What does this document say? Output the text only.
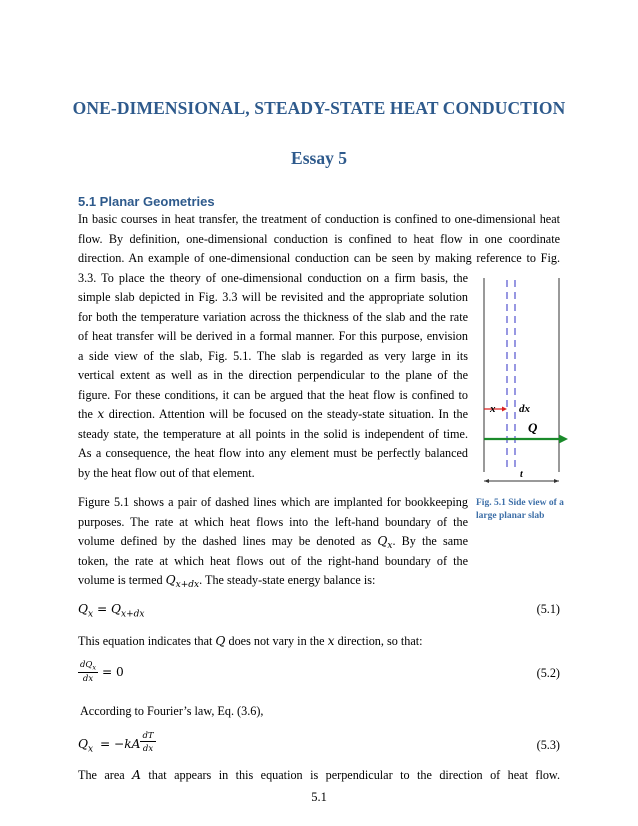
ONE-DIMENSIONAL, STEADY-STATE HEAT CONDUCTION
Essay 5
5.1 Planar Geometries
In basic courses in heat transfer, the treatment of conduction is confined to one-dimensional heat
flow. By definition, one-dimensional conduction is confined to heat flow in one coordinate
direction. An example of one-dimensional conduction can be seen by making reference to Fig.
3.3. To place the theory of one-dimensional conduction on a firm basis, the
simple slab depicted in Fig. 3.3 will be revisited and the appropriate solution
for both the temperature variation across the thickness of the slab and the rate
of heat transfer will be derived in a formal manner. For this purpose, envision
a side view of the slab, Fig. 5.1. The slab is regarded as very large in its
vertical extent as well as in the direction perpendicular to the plane of the
figure. For these conditions, it can be argued that the heat flow is confined to
the x direction. Attention will be focused on the steady-state situation. In the
steady state, the temperature at all points in the solid is independent of time.
As a consequence, the heat flow into any element must be perfectly balanced
by the heat flow out of that element.
Figure 5.1 shows a pair of dashed lines which are implanted for bookkeeping
purposes. The rate at which heat flows into the left-hand boundary of the
volume defined by the dashed lines may be denoted as $Q_x$. By the same
token, the rate at which heat flows out of the right-hand boundary of the
volume is termed $Q_{x+dx}$. The steady-state energy balance is:
$Q_x = Q_{x+dx}$	(5.1)
This equation indicates that Q does not vary in the x direction, so that:
$dQ_x$
dx = 0	(5.2)
According to Fourier’s law, Eq. (3.6),
$Q_x = -kA$
dT
dx	(5.3)
The area A that appears in this equation is perpendicular to the direction of heat flow.
x dx
Q
t
Fig. 5.1 Side view of a
large planar slab
5.1
